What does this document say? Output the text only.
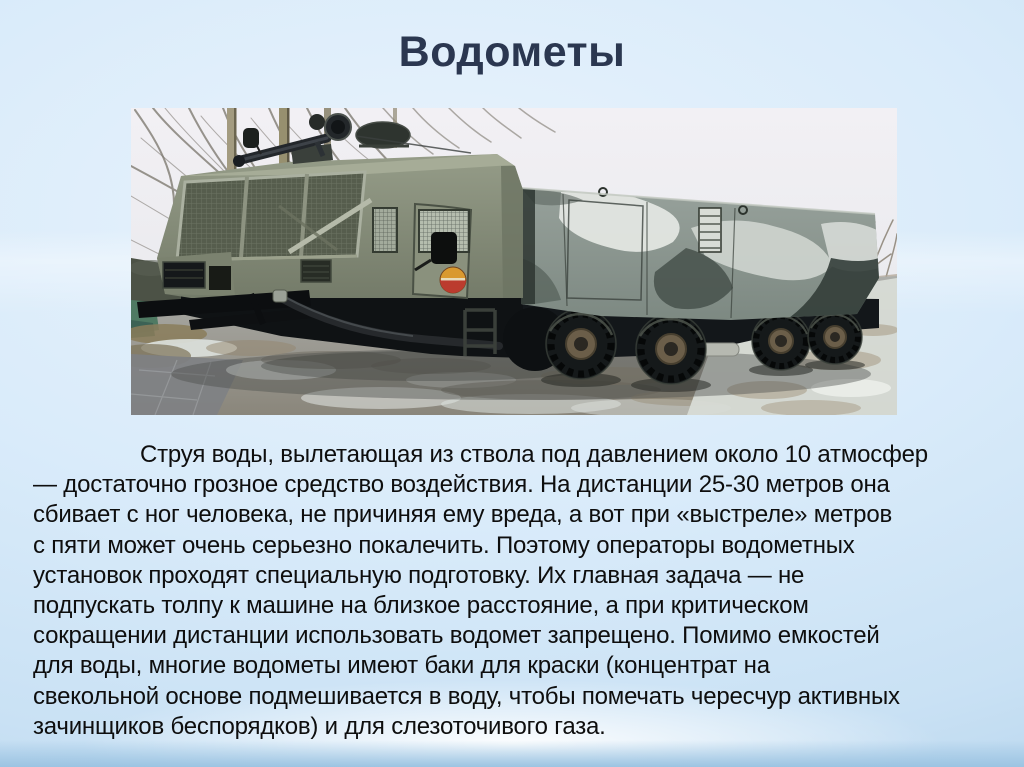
Водометы
Струя воды, вылетающая из ствола под давлением около 10 атмосфер
— достаточно грозное средство воздействия. На дистанции 25-30 метров она
сбивает с ног человека, не причиняя ему вреда, а вот при «выстреле» метров
с пяти может очень серьезно покалечить. Поэтому операторы водометных
установок проходят специальную подготовку. Их главная задача — не
подпускать толпу к машине на близкое расстояние, а при критическом
сокращении дистанции использовать водомет запрещено. Помимо емкостей
для воды, многие водометы имеют баки для краски (концентрат на
свекольной основе подмешивается в воду, чтобы помечать чересчур активных
зачинщиков беспорядков) и для слезоточивого газа.
